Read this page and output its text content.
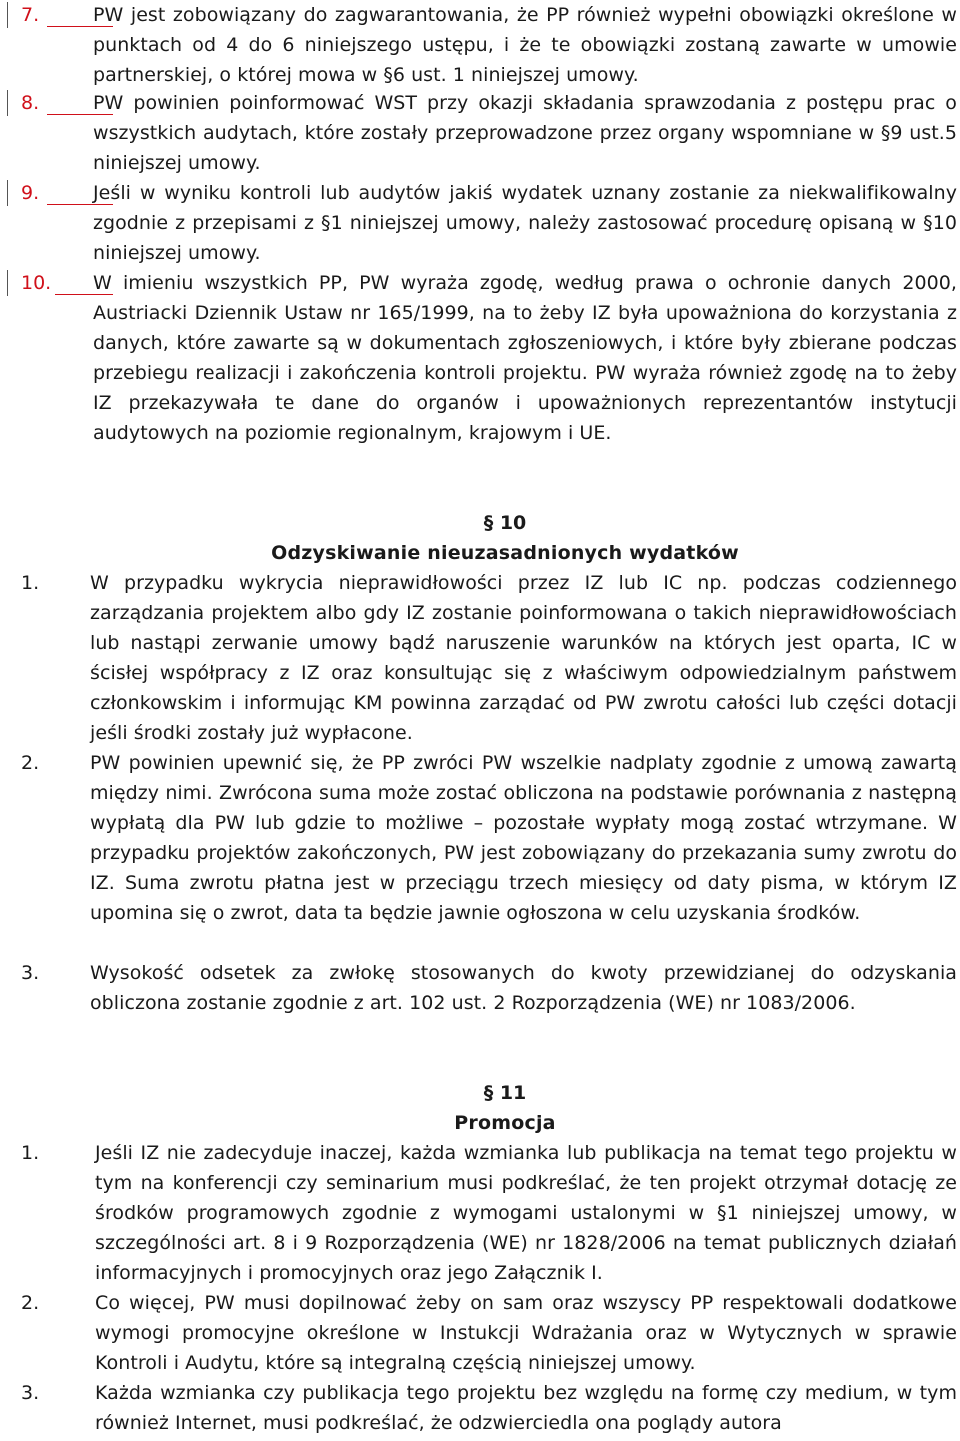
7.	PW jest zobowiązany do zagwarantowania, że PP również wypełni obowiązki określone w punktach od 4 do 6 niniejszego ustępu, i że te obowiązki zostaną zawarte w umowie partnerskiej, o której mowa w §6 ust. 1 niniejszej umowy.
8.	PW powinien poinformować WST przy okazji składania sprawzodania z postępu prac o wszystkich audytach, które zostały przeprowadzone przez organy wspomniane w §9 ust.5 niniejszej umowy.
9.	Jeśli w wyniku kontroli lub audytów jakiś wydatek uznany zostanie za niekwalifikowalny zgodnie z przepisami z §1 niniejszej umowy, należy zastosować procedurę opisaną w §10 niniejszej umowy.
10. W imieniu wszystkich PP, PW wyraża zgodę, według prawa o ochronie danych 2000, Austriacki Dziennik Ustaw nr 165/1999, na to żeby IZ była upoważniona do korzystania z danych, które zawarte są w dokumentach zgłoszeniowych, i które były zbierane podczas przebiegu realizacji i zakończenia kontroli projektu. PW wyraża również zgodę na to żeby IZ przekazywała te dane do organów i upoważnionych reprezentantów instytucji audytowych na poziomie regionalnym, krajowym i UE.
§ 10
Odzyskiwanie nieuzasadnionych wydatków
1.	W przypadku wykrycia nieprawidłowości przez IZ lub IC np. podczas codziennego zarządzania projektem albo gdy IZ zostanie poinformowana o takich nieprawidłowościach lub nastąpi zerwanie umowy bądź naruszenie warunków na których jest oparta, IC w ścisłej współpracy z IZ oraz konsultując się z właściwym odpowiedzialnym państwem członkowskim i informując KM powinna zarządać od PW zwrotu całości lub części dotacji jeśli środki zostały już wypłacone.
2.	PW powinien upewnić się, że PP zwróci PW wszelkie nadplaty zgodnie z umową zawartą między nimi. Zwrócona suma może zostać obliczona na podstawie porównania z następną wypłatą dla PW lub gdzie to możliwe – pozostałe wypłaty mogą zostać wtrzymane. W przypadku projektów zakończonych, PW jest zobowiązany do przekazania sumy zwrotu do IZ. Suma zwrotu płatna jest w przeciągu trzech miesięcy od daty pisma, w którym IZ upomina się o zwrot, data ta będzie jawnie ogłoszona w celu uzyskania środków.
3.	Wysokość odsetek za zwłokę stosowanych do kwoty przewidzianej do odzyskania obliczona zostanie zgodnie z art. 102 ust. 2 Rozporządzenia (WE) nr 1083/2006.
§ 11
Promocja
1.	Jeśli IZ nie zadecyduje inaczej, każda wzmianka lub publikacja na temat tego projektu w tym na konferencji czy seminarium musi podkreślać, że ten projekt otrzymał dotację ze środków programowych zgodnie z wymogami ustalonymi w §1 niniejszej umowy, w szczególności art. 8 i 9 Rozporządzenia (WE) nr 1828/2006 na temat publicznych działań informacyjnych i promocyjnych oraz jego Załącznik I.
2.	Co więcej, PW musi dopilnować żeby on sam oraz wszyscy PP respektowali dodatkowe wymogi promocyjne określone w Instukcji Wdrażania oraz w Wytycznych w sprawie Kontroli i Audytu, które są integralną częścią niniejszej umowy.
3.	Każda wzmianka czy publikacja tego projektu bez względu na formę czy medium, w tym również Internet, musi podkreślać, że odzwierciedla ona poglądy autora
